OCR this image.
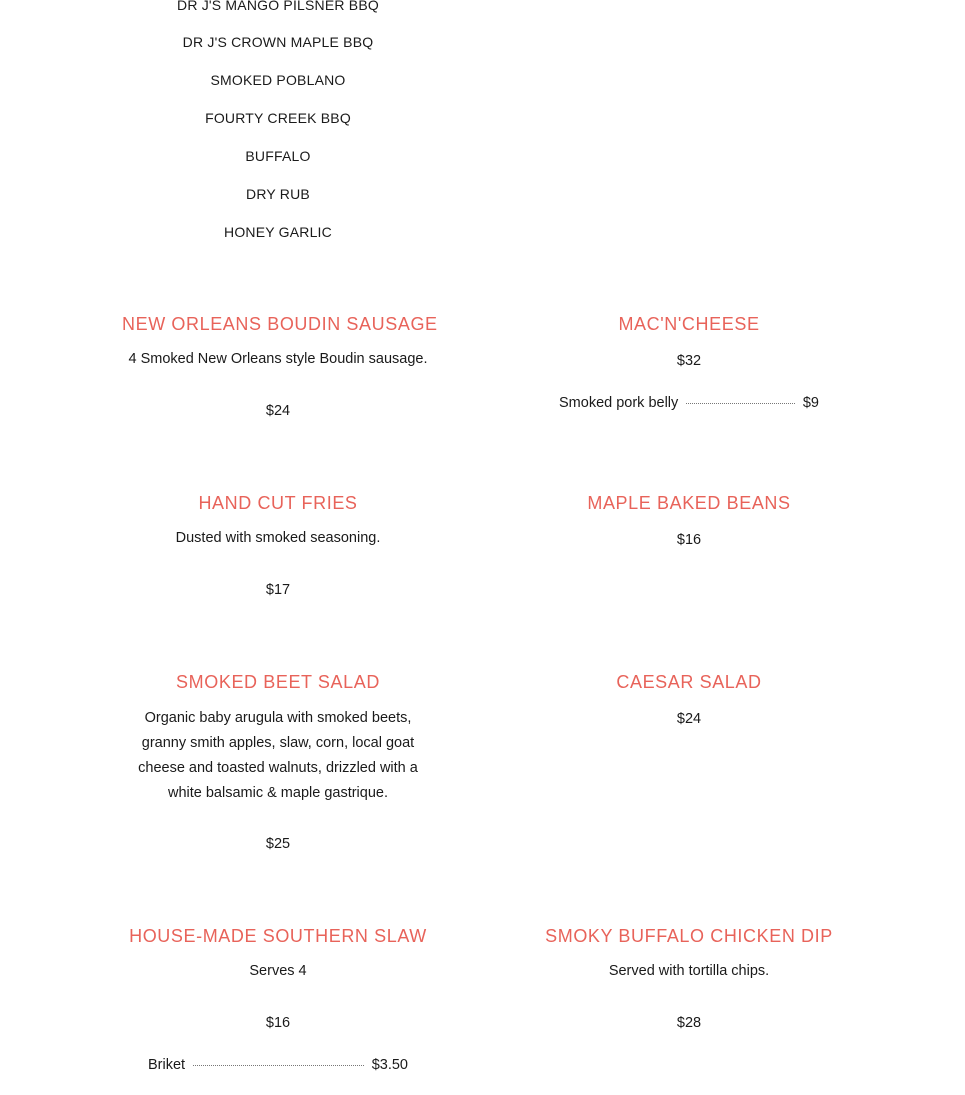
DR J'S MANGO PILSNER BBQ
DR J'S CROWN MAPLE BBQ
SMOKED POBLANO
FOURTY CREEK BBQ
BUFFALO
DRY RUB
HONEY GARLIC
NEW ORLEANS BOUDIN SAUSAGE
4 Smoked New Orleans style Boudin sausage.
$24
MAC'N'CHEESE
$32
Smoked pork belly	$9
HAND CUT FRIES
Dusted with smoked seasoning.
$17
MAPLE BAKED BEANS
$16
SMOKED BEET SALAD
Organic baby arugula with smoked beets, granny smith apples, slaw, corn, local goat cheese and toasted walnuts, drizzled with a white balsamic & maple gastrique.
$25
CAESAR SALAD
$24
HOUSE-MADE SOUTHERN SLAW
Serves 4
$16
Briket	$3.50
SMOKY BUFFALO CHICKEN DIP
Served with tortilla chips.
$28
